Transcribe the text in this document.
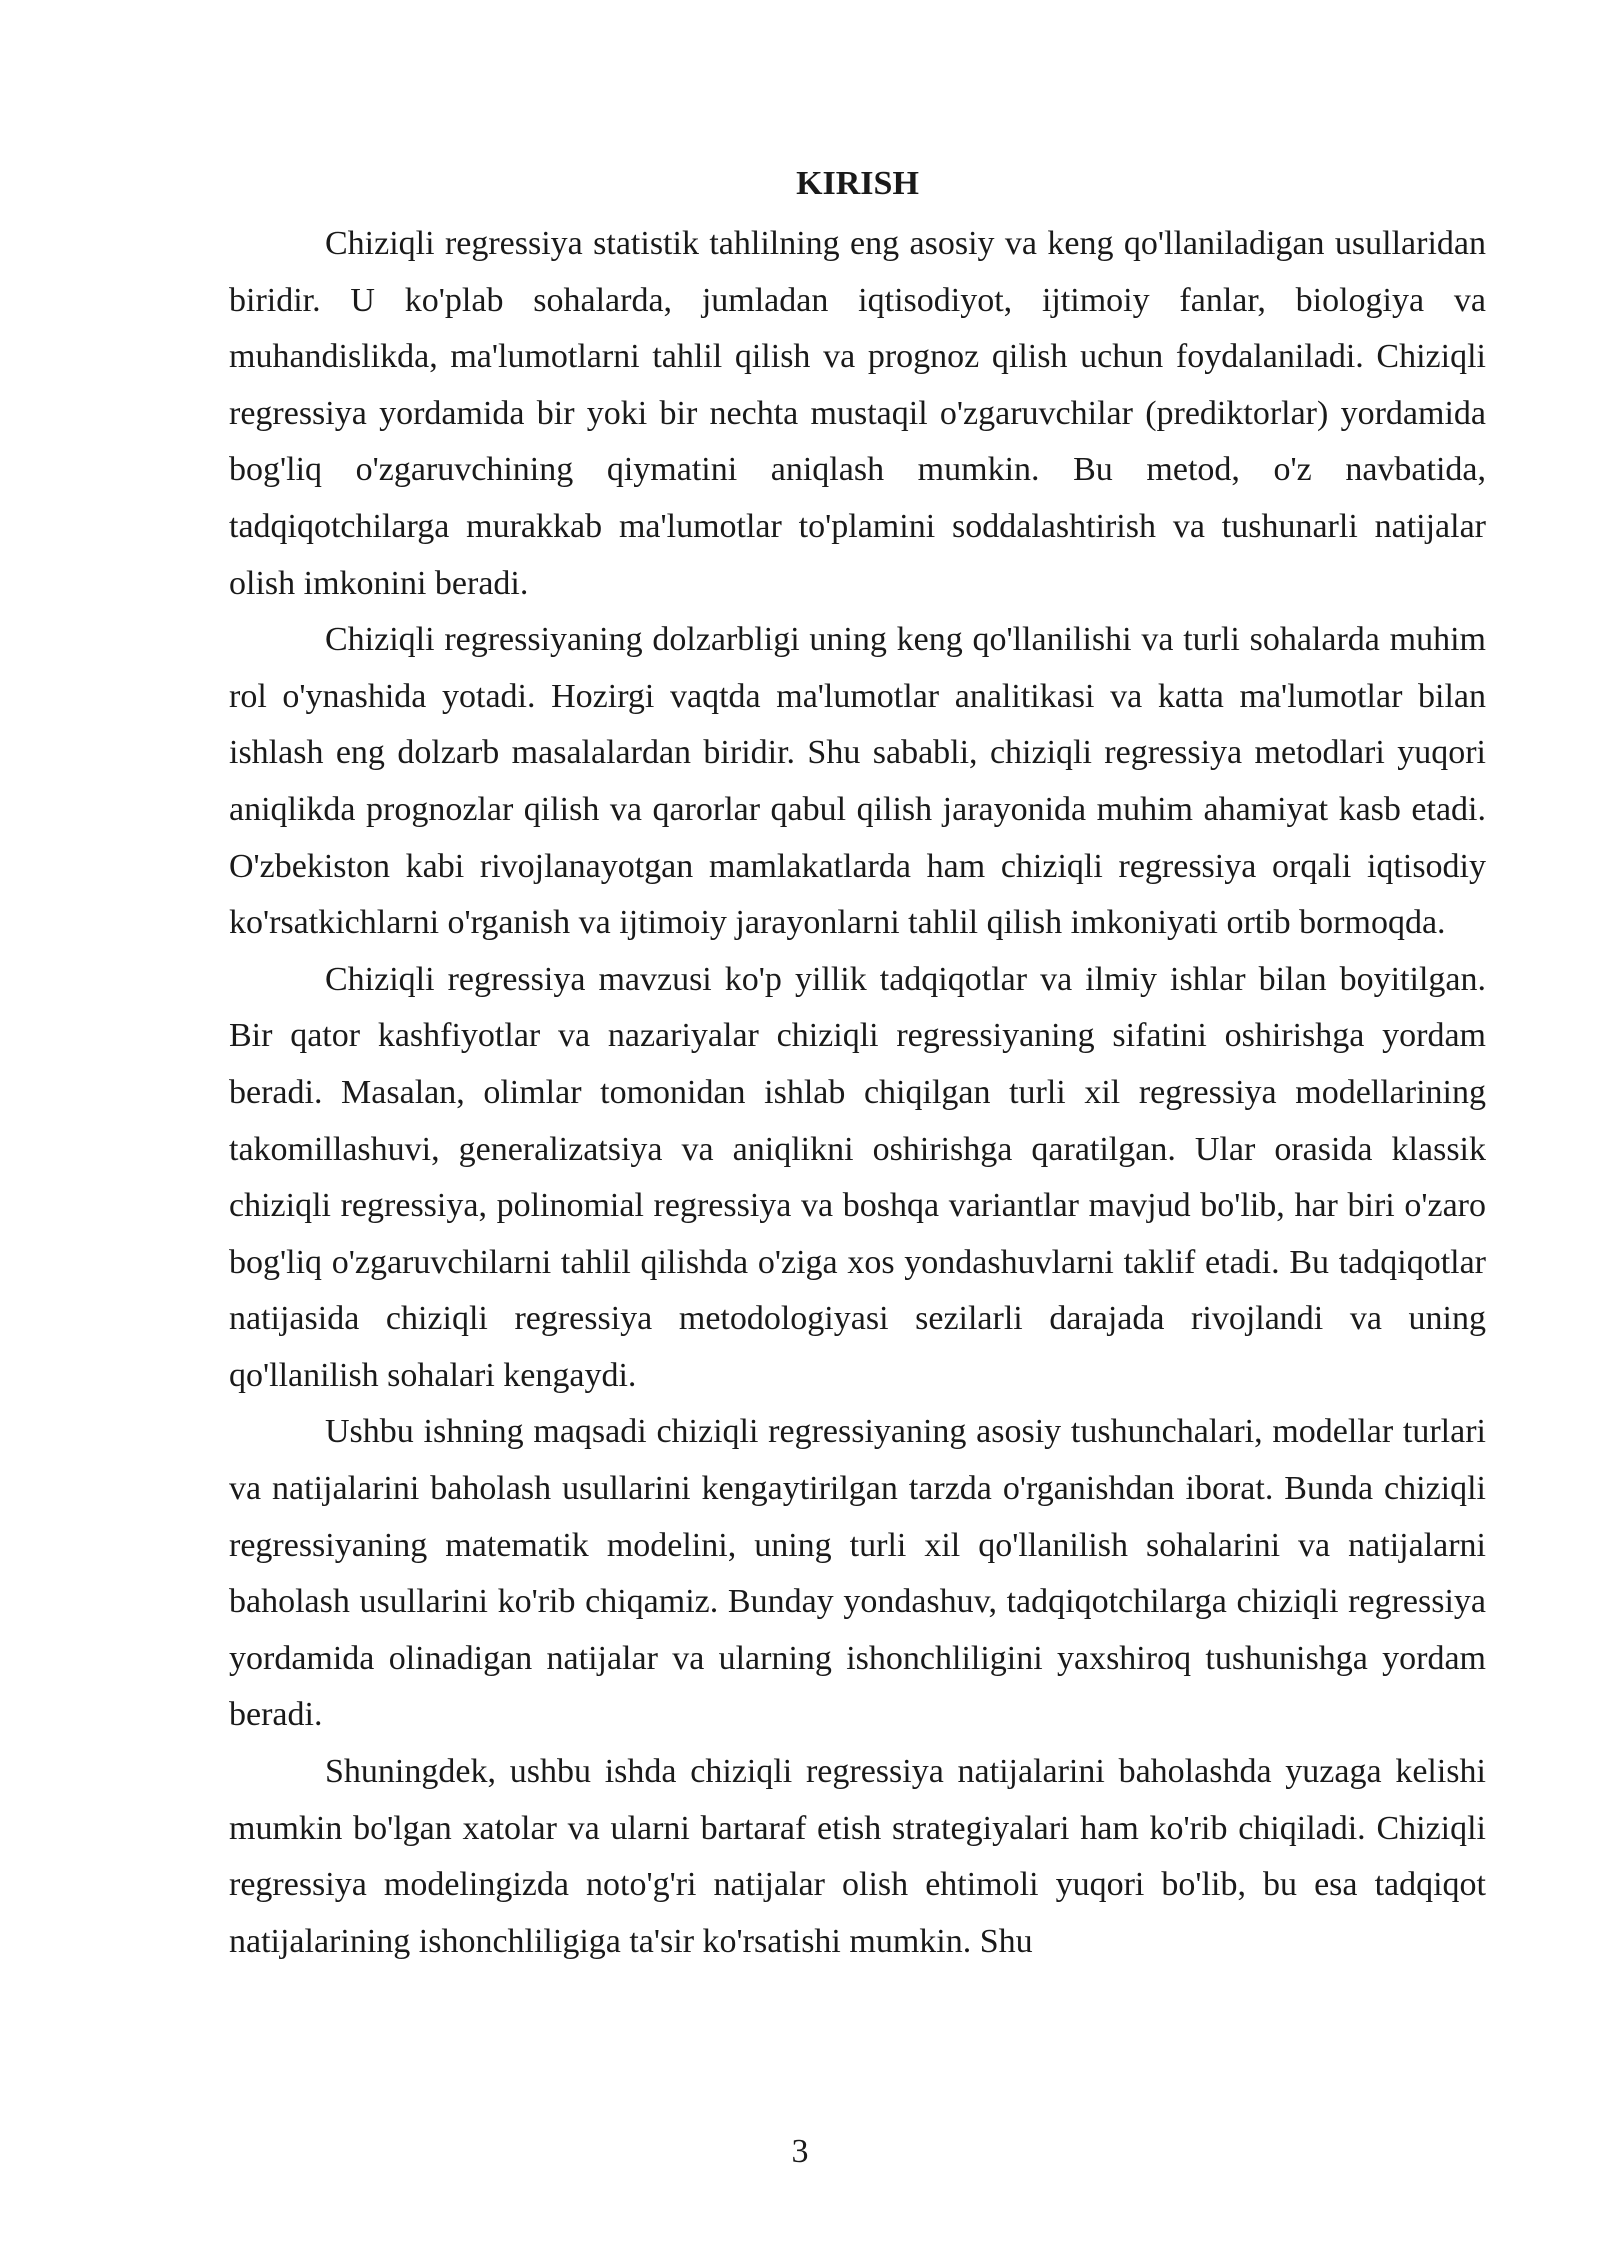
KIRISH

Chiziqli regressiya statistik tahlilning eng asosiy va keng qo'llaniladigan usullaridan biridir. U ko'plab sohalarda, jumladan iqtisodiyot, ijtimoiy fanlar, biologiya va muhandislikda, ma'lumotlarni tahlil qilish va prognoz qilish uchun foydalaniladi. Chiziqli regressiya yordamida bir yoki bir nechta mustaqil o'zgaruvchilar (prediktorlar) yordamida bog'liq o'zgaruvchining qiymatini aniqlash mumkin. Bu metod, o'z navbatida, tadqiqotchilarga murakkab ma'lumotlar to'plamini soddalashtirish va tushunarli natijalar olish imkonini beradi.

Chiziqli regressiyaning dolzarbligi uning keng qo'llanilishi va turli sohalarda muhim rol o'ynashida yotadi. Hozirgi vaqtda ma'lumotlar analitikasi va katta ma'lumotlar bilan ishlash eng dolzarb masalalardan biridir. Shu sababli, chiziqli regressiya metodlari yuqori aniqlikda prognozlar qilish va qarorlar qabul qilish jarayonida muhim ahamiyat kasb etadi. O'zbekiston kabi rivojlanayotgan mamlakatlarda ham chiziqli regressiya orqali iqtisodiy ko'rsatkichlarni o'rganish va ijtimoiy jarayonlarni tahlil qilish imkoniyati ortib bormoqda.

Chiziqli regressiya mavzusi ko'p yillik tadqiqotlar va ilmiy ishlar bilan boyitilgan. Bir qator kashfiyotlar va nazariyalar chiziqli regressiyaning sifatini oshirishga yordam beradi. Masalan, olimlar tomonidan ishlab chiqilgan turli xil regressiya modellarining takomillashuvi, generalizatsiya va aniqlikni oshirishga qaratilgan. Ular orasida klassik chiziqli regressiya, polinomial regressiya va boshqa variantlar mavjud bo'lib, har biri o'zaro bog'liq o'zgaruvchilarni tahlil qilishda o'ziga xos yondashuvlarni taklif etadi. Bu tadqiqotlar natijasida chiziqli regressiya metodologiyasi sezilarli darajada rivojlandi va uning qo'llanilish sohalari kengaydi.

Ushbu ishning maqsadi chiziqli regressiyaning asosiy tushunchalari, modellar turlari va natijalarini baholash usullarini kengaytirilgan tarzda o'rganishdan iborat. Bunda chiziqli regressiyaning matematik modelini, uning turli xil qo'llanilish sohalarini va natijalarni baholash usullarini ko'rib chiqamiz. Bunday yondashuv, tadqiqotchilarga chiziqli regressiya yordamida olinadigan natijalar va ularning ishonchliligini yaxshiroq tushunishga yordam beradi.

Shuningdek, ushbu ishda chiziqli regressiya natijalarini baholashda yuzaga kelishi mumkin bo'lgan xatolar va ularni bartaraf etish strategiyalari ham ko'rib chiqiladi. Chiziqli regressiya modelingizda noto'g'ri natijalar olish ehtimoli yuqori bo'lib, bu esa tadqiqot natijalarining ishonchliligiga ta'sir ko'rsatishi mumkin. Shu

3
